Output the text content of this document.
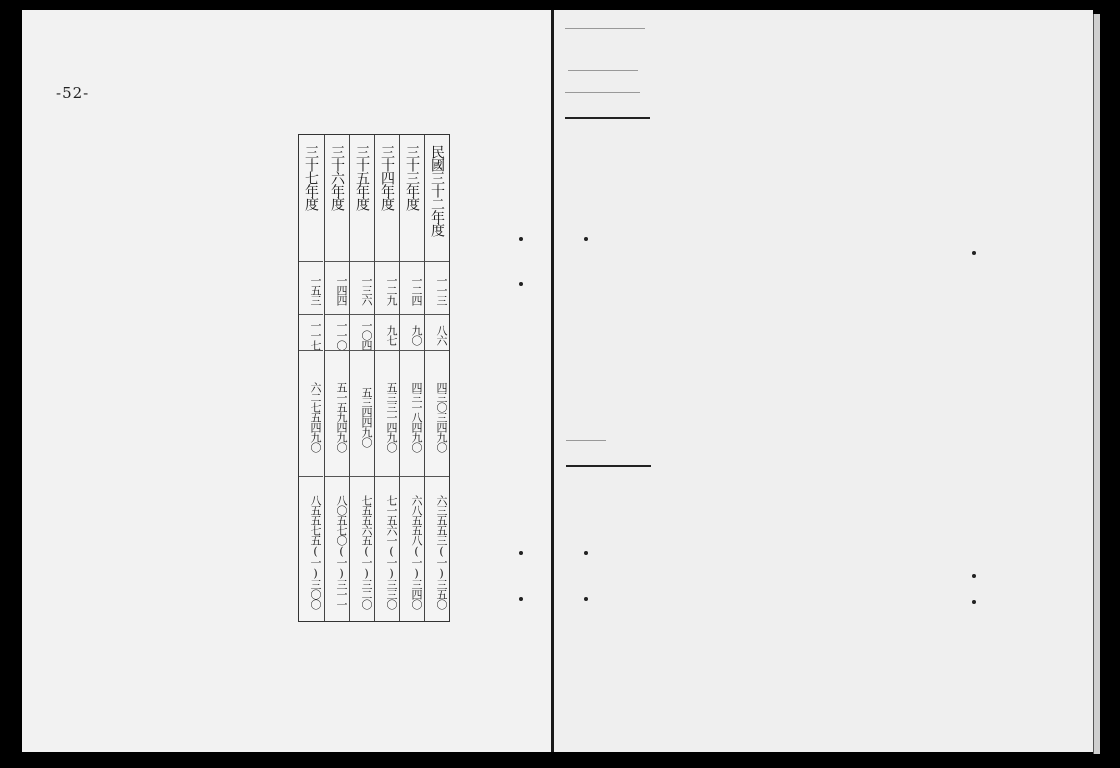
-52-
民國三十二年度
一一三
八六
四三〇三四九〇
六三五五三(一)三五〇
三十三年度
一二四
九〇
四三一八四九〇
六八五五八(一)三四〇
三十四年度
一二九
九七
五三三一四九〇
七一五六一(一)三三〇
三十五年度
一三六
一〇四
五三四四九〇
七五五六五(一)三二〇
三十六年度
一四四
一一〇
五一五九四九〇
八〇五七〇(一)三一一
三十七年度
一五三
一一七
六二七五四九〇
八五五七五(一)三〇〇
